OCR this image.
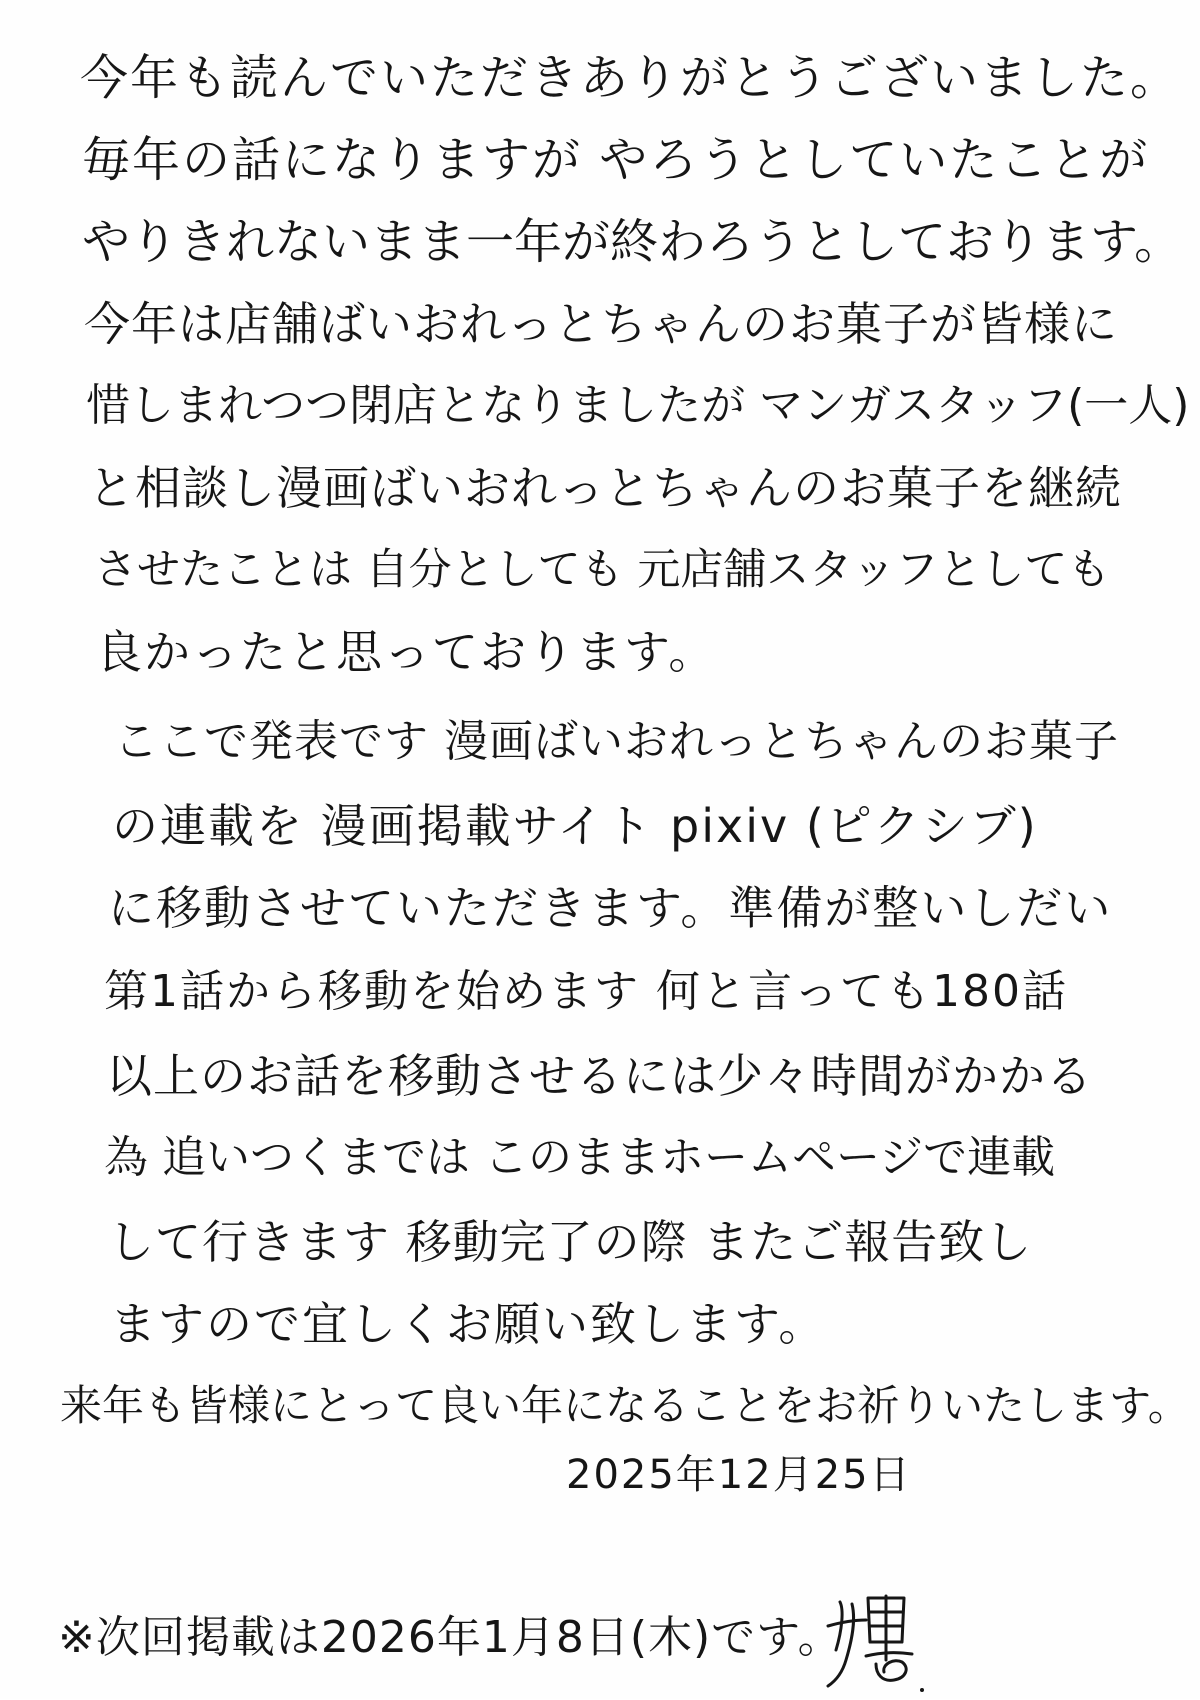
今年も読んでいただきありがとうございました。
毎年の話になりますが やろうとしていたことが
やりきれないまま一年が終わろうとしております。
今年は店舗ばいおれっとちゃんのお菓子が皆様に
惜しまれつつ閉店となりましたが マンガスタッフ(一人)
と相談し漫画ばいおれっとちゃんのお菓子を継続
させたことは 自分としても 元店舗スタッフとしても
良かったと思っております。
ここで発表です 漫画ばいおれっとちゃんのお菓子
の連載を 漫画掲載サイト pixiv (ピクシブ)
に移動させていただきます。準備が整いしだい
第1話から移動を始めます 何と言っても180話
以上のお話を移動させるには少々時間がかかる
為 追いつくまでは このままホームページで連載
して行きます 移動完了の際 またご報告致し
ますので宜しくお願い致します。
来年も皆様にとって良い年になることをお祈りいたします。
2025年12月25日
※次回掲載は2026年1月8日(木)です。
